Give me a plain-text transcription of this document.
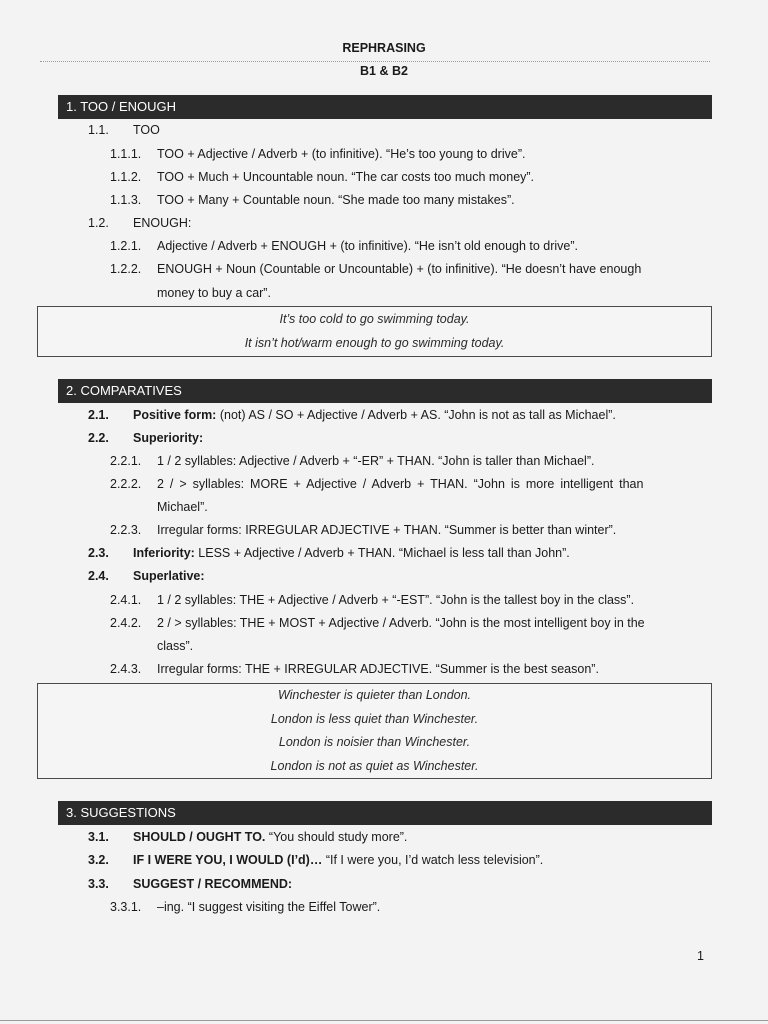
REPHRASING
B1 & B2
1. TOO / ENOUGH
1.1. TOO
1.1.1. TOO + Adjective / Adverb + (to infinitive). “He’s too young to drive”.
1.1.2. TOO + Much + Uncountable noun. “The car costs too much money”.
1.1.3. TOO + Many + Countable noun. “She made too many mistakes”.
1.2. ENOUGH:
1.2.1. Adjective / Adverb + ENOUGH + (to infinitive). “He isn’t old enough to drive”.
1.2.2. ENOUGH + Noun (Countable or Uncountable) + (to infinitive). “He doesn’t have enough
money to buy a car”.
It’s too cold to go swimming today.
It isn’t hot/warm enough to go swimming today.
2. COMPARATIVES
2.1. Positive form: (not) AS / SO + Adjective / Adverb + AS. “John is not as tall as Michael”.
2.2. Superiority:
2.2.1. 1 / 2 syllables: Adjective / Adverb + “-ER” + THAN. “John is taller than Michael”.
2.2.2. 2 / > syllables: MORE + Adjective / Adverb + THAN. “John is more intelligent than
Michael”.
2.2.3. Irregular forms: IRREGULAR ADJECTIVE + THAN. “Summer is better than winter”.
2.3. Inferiority: LESS + Adjective / Adverb + THAN. “Michael is less tall than John”.
2.4. Superlative:
2.4.1. 1 / 2 syllables: THE + Adjective / Adverb + “-EST”. “John is the tallest boy in the class”.
2.4.2. 2 / > syllables: THE + MOST + Adjective / Adverb. “John is the most intelligent boy in the
class”.
2.4.3. Irregular forms: THE + IRREGULAR ADJECTIVE. “Summer is the best season”.
Winchester is quieter than London.
London is less quiet than Winchester.
London is noisier than Winchester.
London is not as quiet as Winchester.
3. SUGGESTIONS
3.1. SHOULD / OUGHT TO. “You should study more”.
3.2. IF I WERE YOU, I WOULD (I’d)… “If I were you, I’d watch less television”.
3.3. SUGGEST / RECOMMEND:
3.3.1. –ing. “I suggest visiting the Eiffel Tower”.
1
